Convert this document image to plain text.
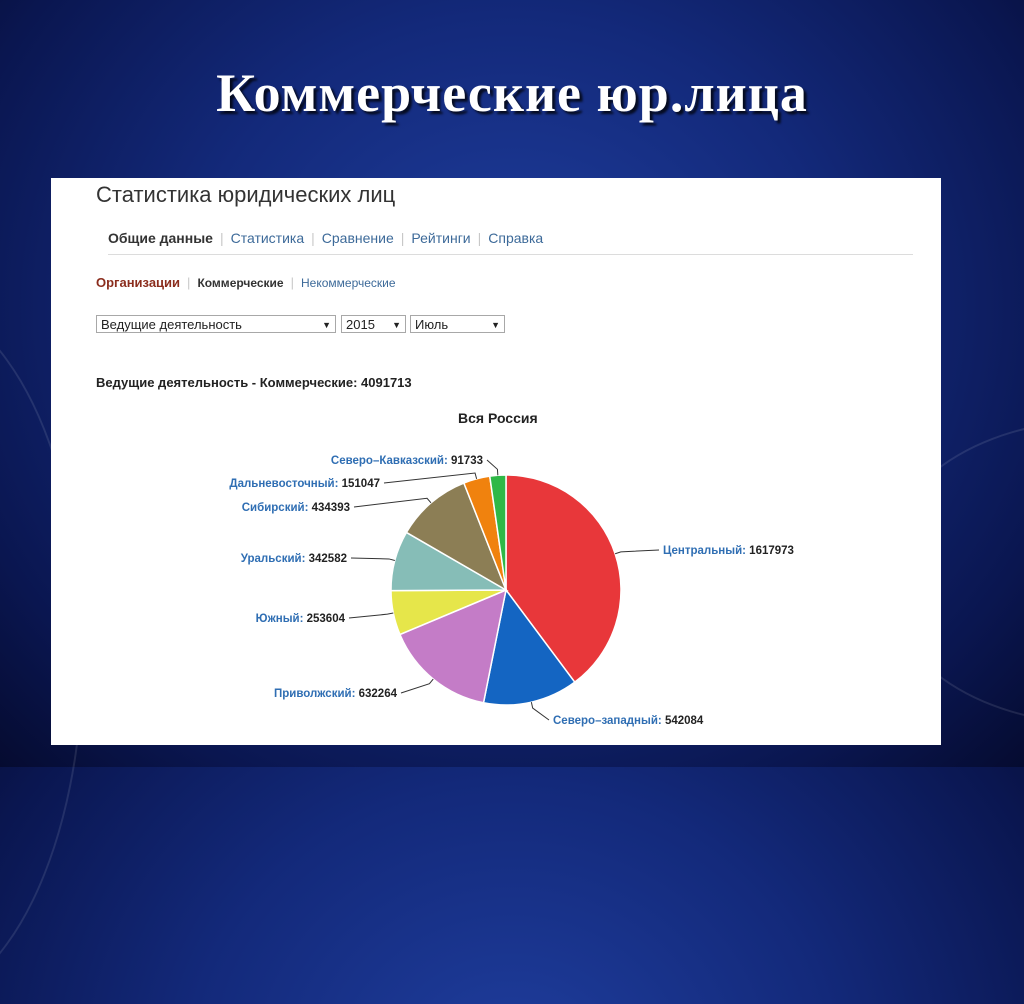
Коммерческие юр.лица
Статистика юридических лиц
Общие данные | Статистика | Сравнение | Рейтинги | Справка
Организации | Коммерческие | Некоммерческие
Ведущие деятельность	▼	2015 ▼	Июль	▼
Ведущие деятельность - Коммерческие: 4091713
Вся Россия
Центральный: 1617973
Северо–западный: 542084
Приволжский: 632264
Южный: 253604
Уральский: 342582
Сибирский: 434393
Дальневосточный: 151047
Северо–Кавказский: 91733
